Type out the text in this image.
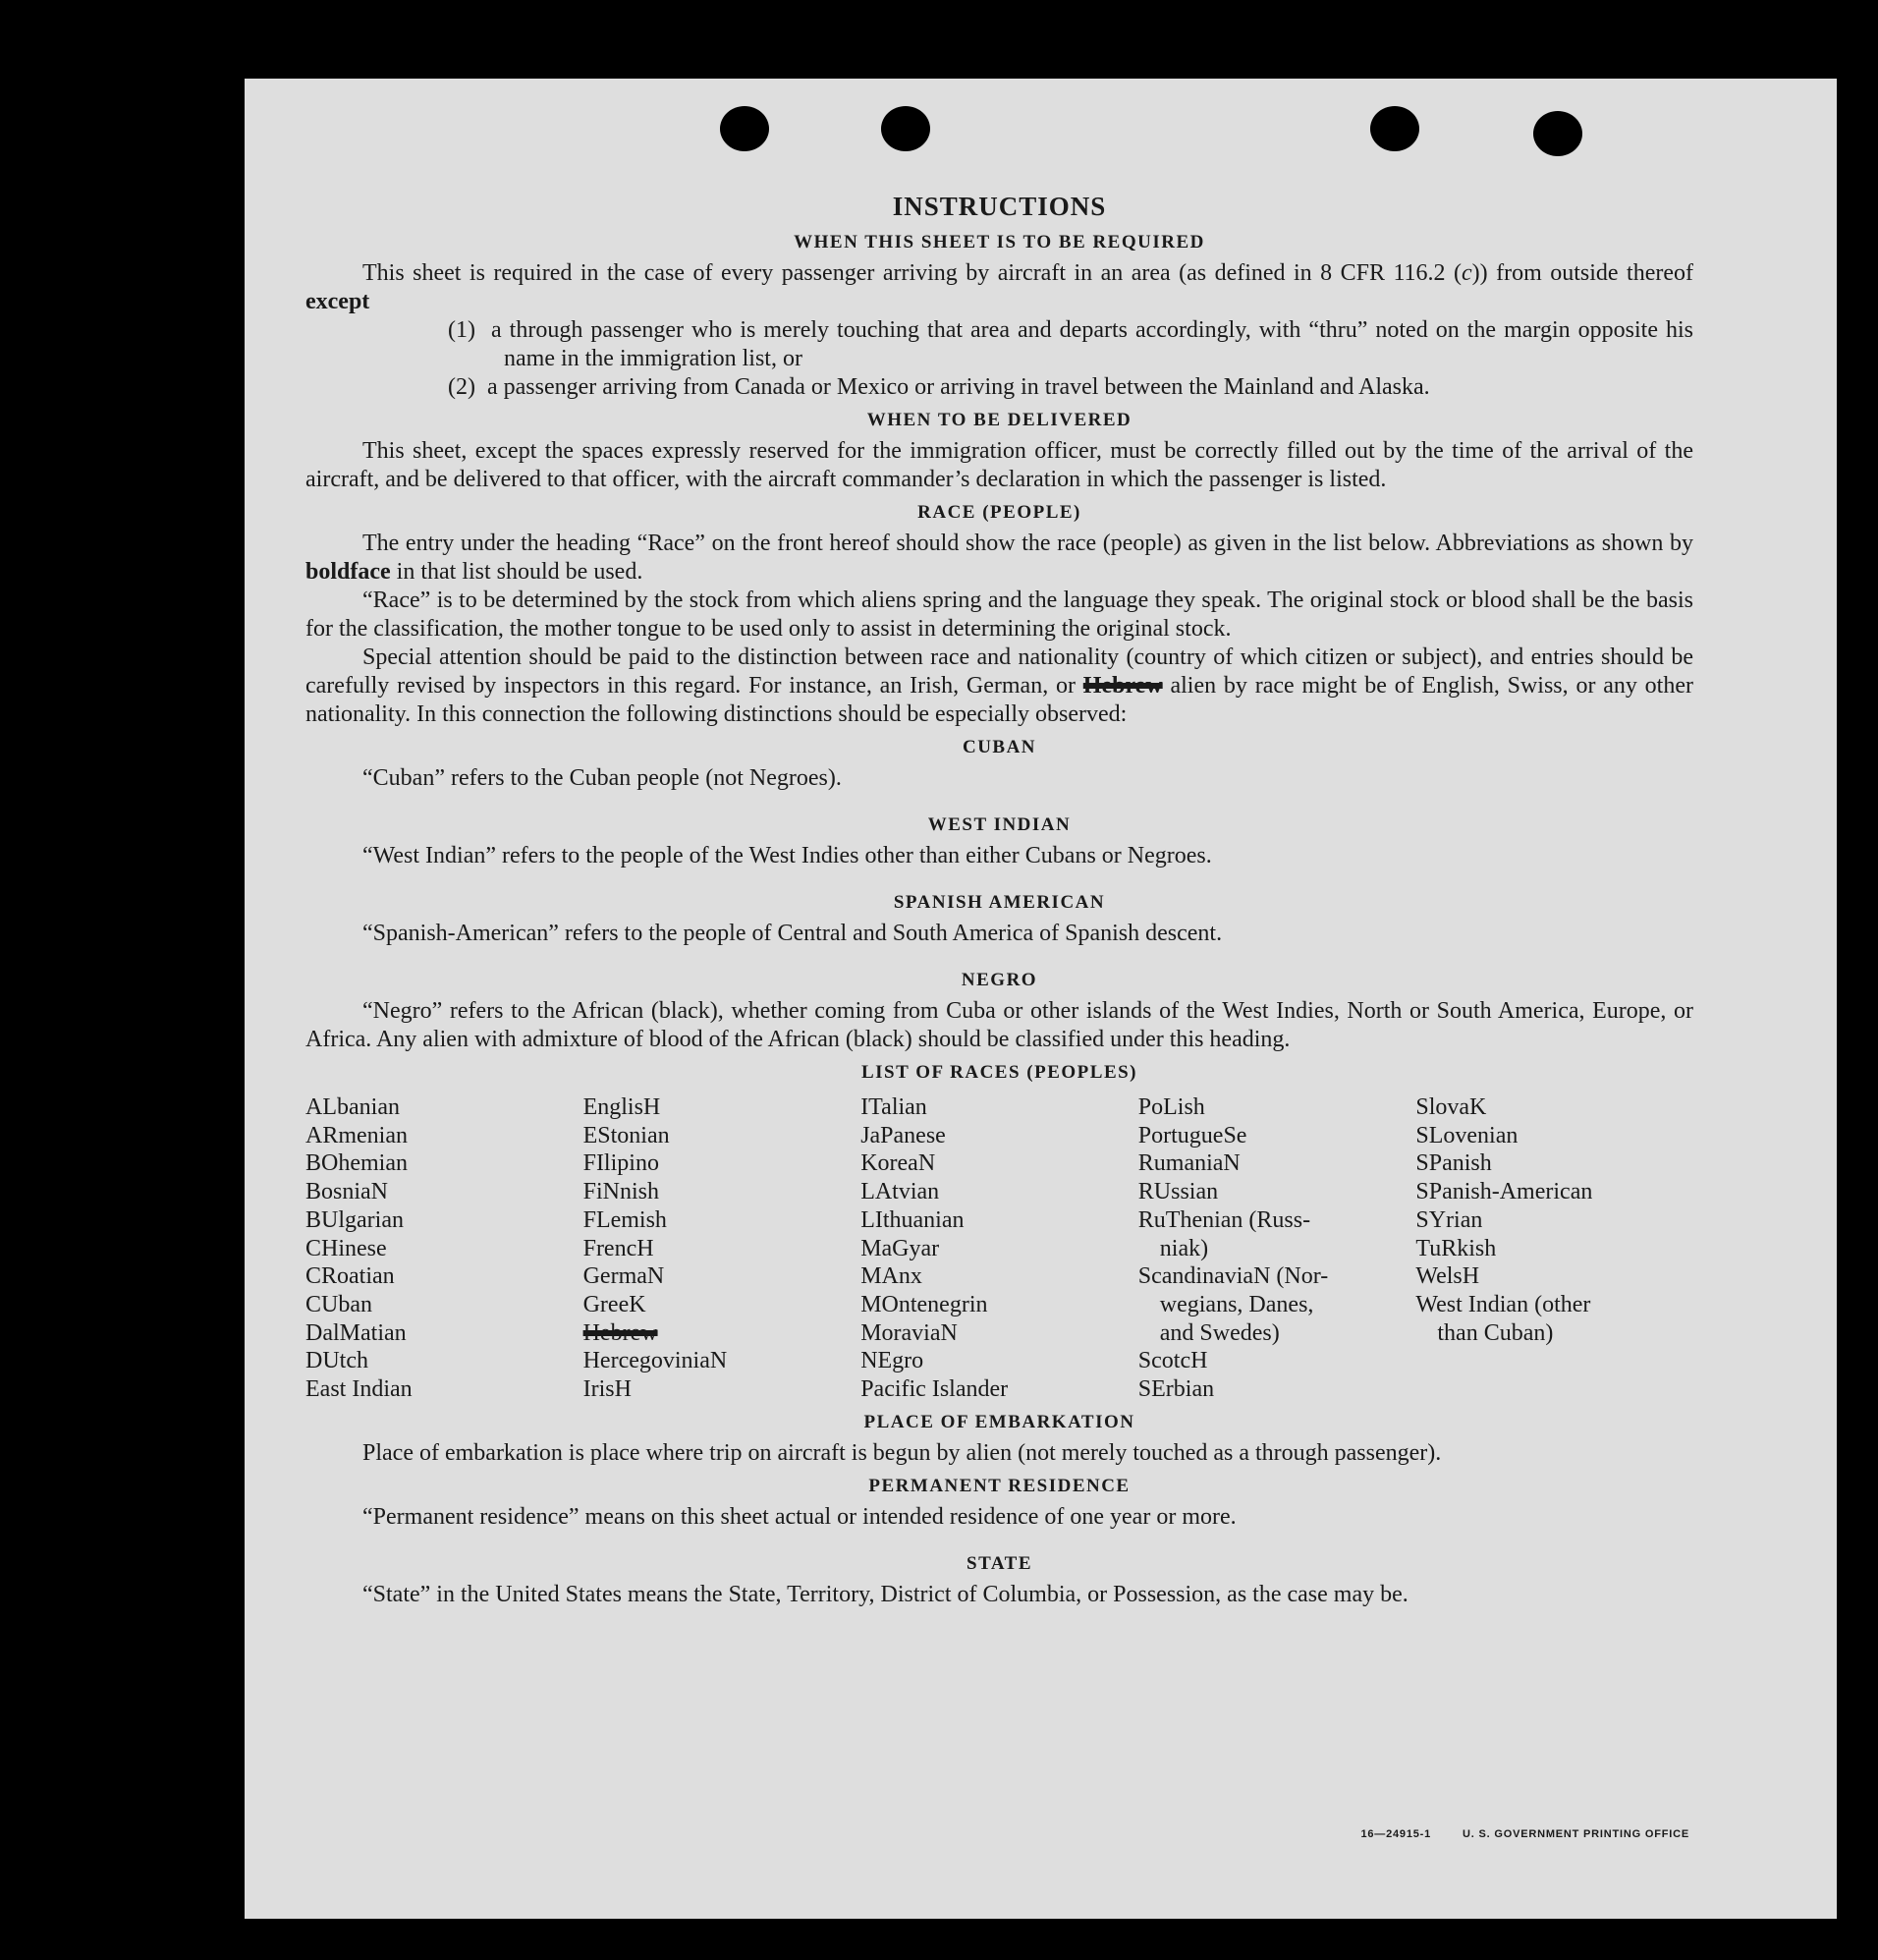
INSTRUCTIONS
WHEN THIS SHEET IS TO BE REQUIRED

This sheet is required in the case of every passenger arriving by aircraft in an area (as defined in 8 CFR 116.2 (c)) from outside thereof except

(1) a through passenger who is merely touching that area and departs accordingly, with “thru” noted on the margin opposite his name in the immigration list, or

(2) a passenger arriving from Canada or Mexico or arriving in travel between the Mainland and Alaska.

WHEN TO BE DELIVERED

This sheet, except the spaces expressly reserved for the immigration officer, must be correctly filled out by the time of the arrival of the aircraft, and be delivered to that officer, with the aircraft commander’s declaration in which the passenger is listed.

RACE (PEOPLE)

The entry under the heading “Race” on the front hereof should show the race (people) as given in the list below. Abbreviations as shown by boldface in that list should be used.

“Race” is to be determined by the stock from which aliens spring and the language they speak. The original stock or blood shall be the basis for the classification, the mother tongue to be used only to assist in determining the original stock.

Special attention should be paid to the distinction between race and nationality (country of which citizen or subject), and entries should be carefully revised by inspectors in this regard. For instance, an Irish, German, or Hebrew alien by race might be of English, Swiss, or any other nationality. In this connection the following distinctions should be especially observed:

CUBAN

“Cuban” refers to the Cuban people (not Negroes).

WEST INDIAN

“West Indian” refers to the people of the West Indies other than either Cubans or Negroes.

SPANISH AMERICAN

“Spanish-American” refers to the people of Central and South America of Spanish descent.

NEGRO

“Negro” refers to the African (black), whether coming from Cuba or other islands of the West Indies, North or South America, Europe, or Africa. Any alien with admixture of blood of the African (black) should be classified under this heading.

LIST OF RACES (PEOPLES)
ALbanian
ARmenian
BOhemian
BosniaN
BUlgarian
CHinese
CRoatian
CUban
DalMatian
DUtch
East Indian
EnglisH
EStonian
FIlipino
FiNnish
FLemish
FrencH
GermaN
GreeK
Hebrew
HercegoviniaN
IrisH
ITalian
JaPanese
KoreaN
LAtvian
LIthuanian
MaGyar
MAnx
MOntenegrin
MoraviaN
NEgro
Pacific Islander
PoLish
PortugueSe
RumaniaN
RUssian
RuThenian (Russ-
niak)
ScandinaviaN (Nor-
wegians, Danes,
and Swedes)
ScotcH
SErbian
SlovaK
SLovenian
SPanish
SPanish-American
SYrian
TuRkish
WelsH
West Indian (other
than Cuban)
PLACE OF EMBARKATION

Place of embarkation is place where trip on aircraft is begun by alien (not merely touched as a through passenger).

PERMANENT RESIDENCE

“Permanent residence” means on this sheet actual or intended residence of one year or more.

STATE

“State” in the United States means the State, Territory, District of Columbia, or Possession, as the case may be.

16—24915-1	U. S. GOVERNMENT PRINTING OFFICE
